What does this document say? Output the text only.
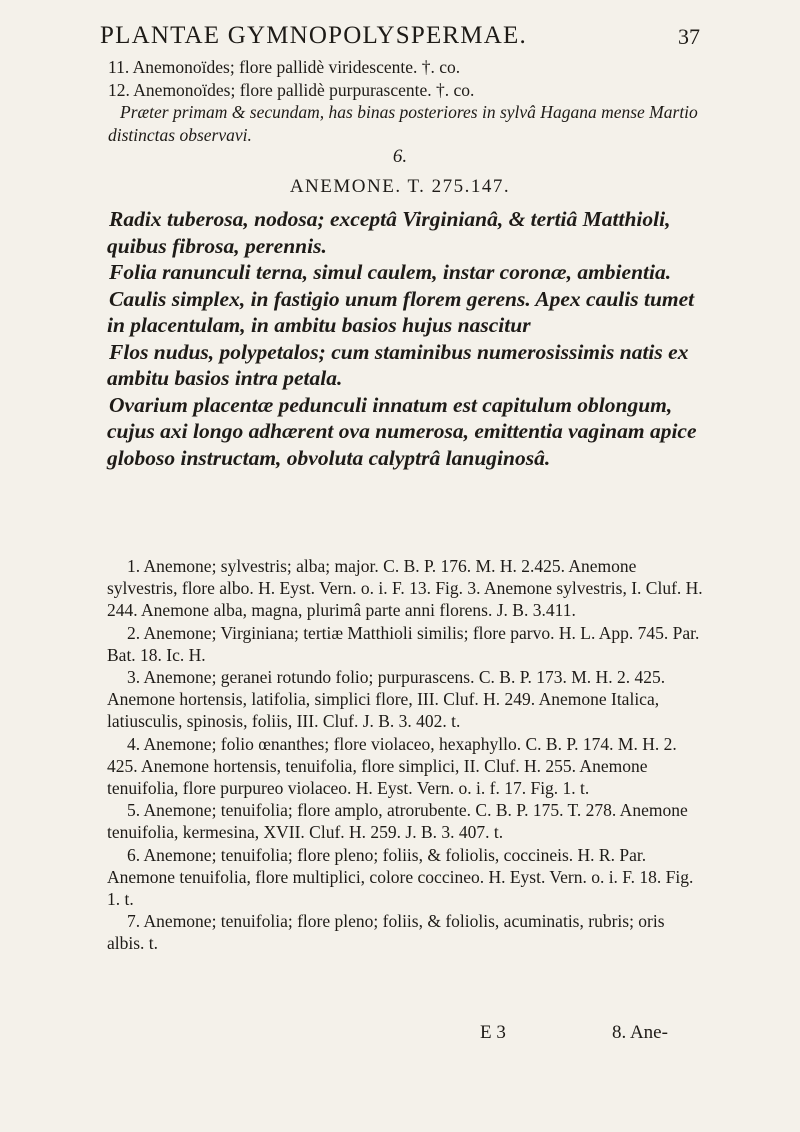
PLANTAE GYMNOPOLYSPERMAE.	37

11. Anemonoïdes; flore pallidè viridescente. †. co.

12. Anemonoïdes; flore pallidè purpurascente. †. co.

Præter primam & secundam, has binas posteriores in sylvâ Hagana mense Martio distinctas observavi.

6.
ANEMONE. T. 275.147.

Radix tuberosa, nodosa; exceptâ Virginianâ, & tertiâ Matthioli, quibus fibrosa, perennis.

Folia ranunculi terna, simul caulem, instar coronæ, ambientia.

Caulis simplex, in fastigio unum florem gerens. Apex caulis tumet in placentulam, in ambitu basios hujus nascitur

Flos nudus, polypetalos; cum staminibus numerosissimis natis ex ambitu basios intra petala.

Ovarium placentæ pedunculi innatum est capitulum oblongum, cujus axi longo adhærent ova numerosa, emittentia vaginam apice globoso instructam, obvoluta calyptrâ lanuginosâ.

1. Anemone; sylvestris; alba; major. C. B. P. 176. M. H. 2.425. Anemone sylvestris, flore albo. H. Eyst. Vern. o. i. F. 13. Fig. 3. Anemone sylvestris, I. Cluf. H. 244. Anemone alba, magna, plurimâ parte anni florens. J. B. 3.411.

2. Anemone; Virginiana; tertiæ Matthioli similis; flore parvo. H. L. App. 745. Par. Bat. 18. Ic. H.

3. Anemone; geranei rotundo folio; purpurascens. C. B. P. 173. M. H. 2. 425. Anemone hortensis, latifolia, simplici flore, III. Cluf. H. 249. Anemone Italica, latiusculis, spinosis, foliis, III. Cluf. J. B. 3. 402. t.

4. Anemone; folio œnanthes; flore violaceo, hexaphyllo. C. B. P. 174. M. H. 2. 425. Anemone hortensis, tenuifolia, flore simplici, II. Cluf. H. 255. Anemone tenuifolia, flore purpureo violaceo. H. Eyst. Vern. o. i. f. 17. Fig. 1. t.

5. Anemone; tenuifolia; flore amplo, atrorubente. C. B. P. 175. T. 278. Anemone tenuifolia, kermesina, XVII. Cluf. H. 259. J. B. 3. 407. t.

6. Anemone; tenuifolia; flore pleno; foliis, & foliolis, coccineis. H. R. Par. Anemone tenuifolia, flore multiplici, colore coccineo. H. Eyst. Vern. o. i. F. 18. Fig. 1. t.

7. Anemone; tenuifolia; flore pleno; foliis, & foliolis, acuminatis, rubris; oris albis. t.

E 3	8. Ane-
